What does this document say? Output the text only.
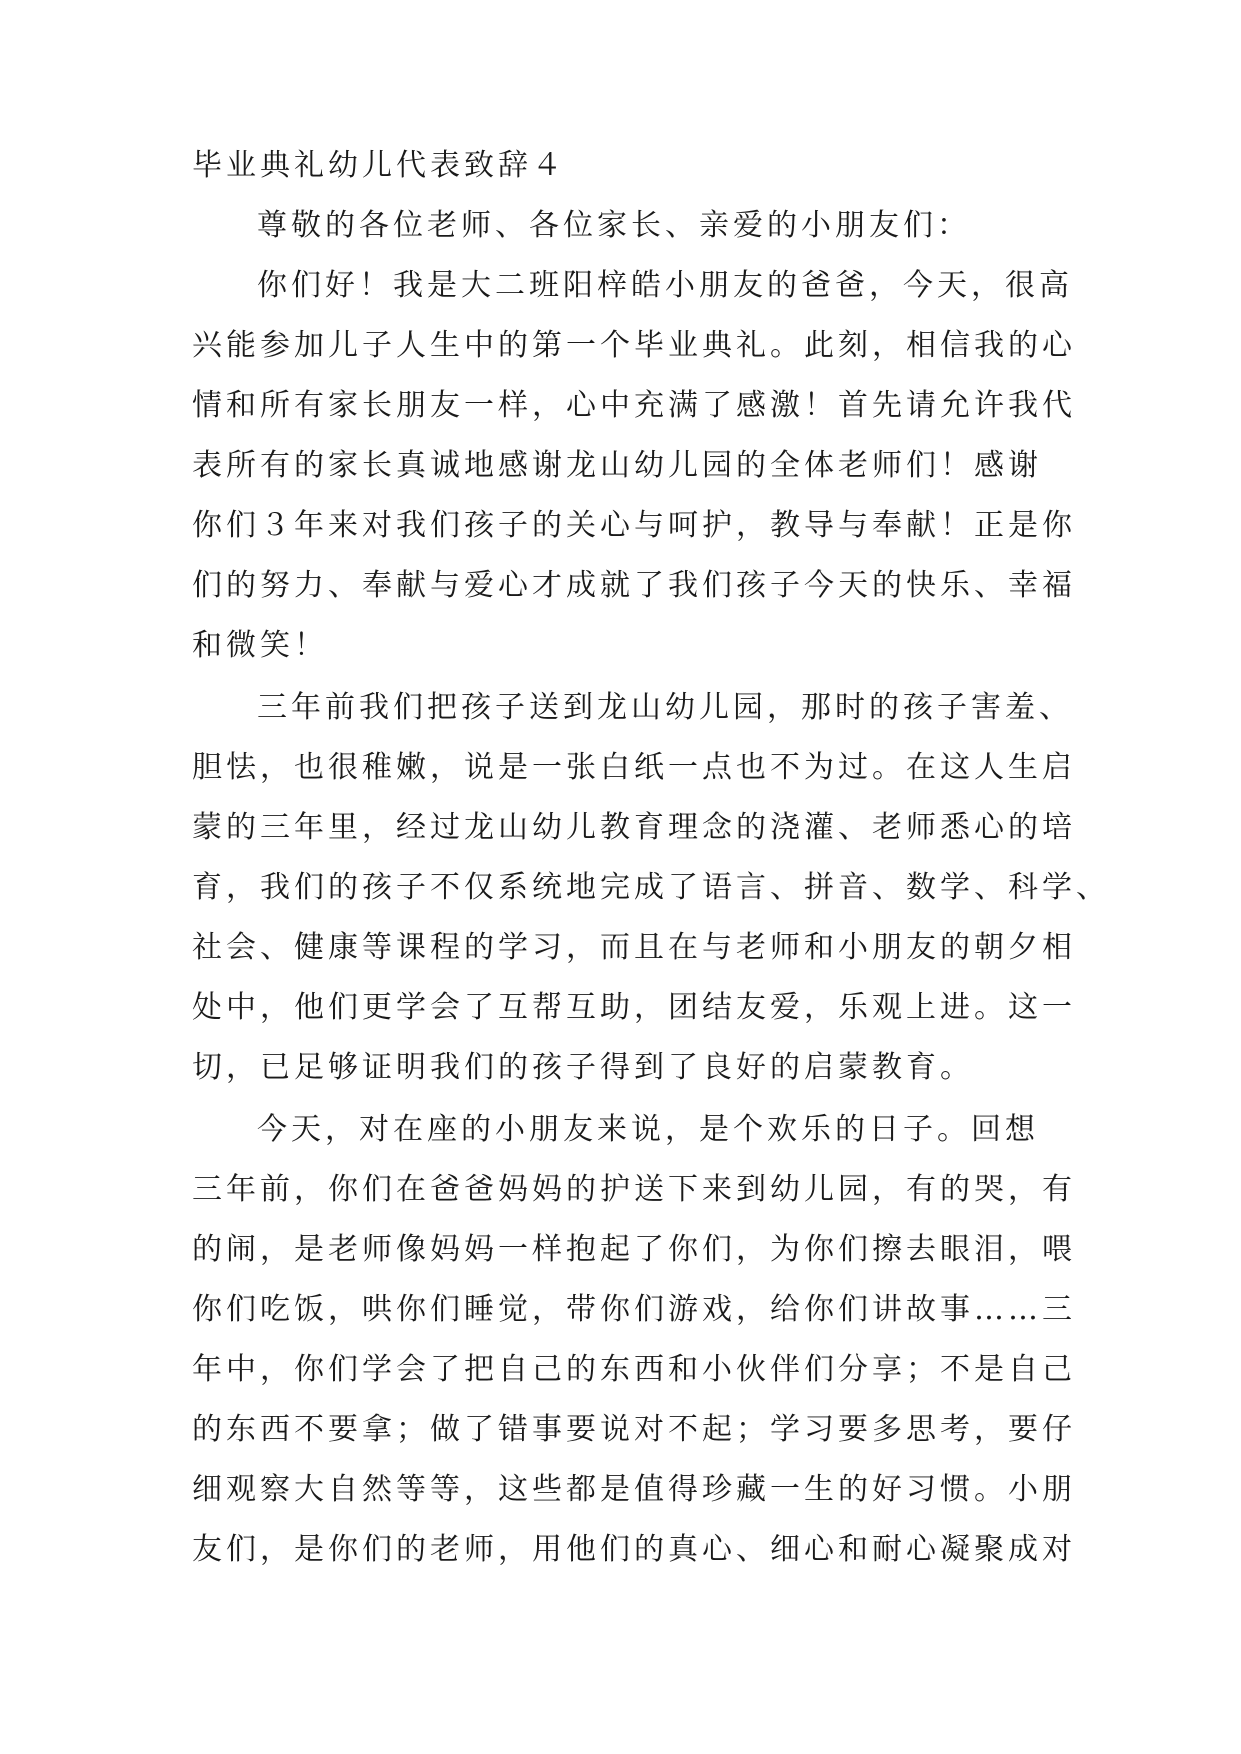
毕业典礼幼儿代表致辞４
尊敬的各位老师、各位家长、亲爱的小朋友们：
你们好！我是大二班阳梓皓小朋友的爸爸，今天，很高
兴能参加儿子人生中的第一个毕业典礼。此刻，相信我的心
情和所有家长朋友一样，心中充满了感激！首先请允许我代
表所有的家长真诚地感谢龙山幼儿园的全体老师们！感谢
你们３年来对我们孩子的关心与呵护，教导与奉献！正是你
们的努力、奉献与爱心才成就了我们孩子今天的快乐、幸福
和微笑！
三年前我们把孩子送到龙山幼儿园，那时的孩子害羞、
胆怯，也很稚嫩，说是一张白纸一点也不为过。在这人生启
蒙的三年里，经过龙山幼儿教育理念的浇灌、老师悉心的培
育，我们的孩子不仅系统地完成了语言、拼音、数学、科学、
社会、健康等课程的学习，而且在与老师和小朋友的朝夕相
处中，他们更学会了互帮互助，团结友爱，乐观上进。这一
切，已足够证明我们的孩子得到了良好的启蒙教育。
今天，对在座的小朋友来说，是个欢乐的日子。回想
三年前，你们在爸爸妈妈的护送下来到幼儿园，有的哭，有
的闹，是老师像妈妈一样抱起了你们，为你们擦去眼泪，喂
你们吃饭，哄你们睡觉，带你们游戏，给你们讲故事……三
年中，你们学会了把自己的东西和小伙伴们分享；不是自己
的东西不要拿；做了错事要说对不起；学习要多思考，要仔
细观察大自然等等，这些都是值得珍藏一生的好习惯。小朋
友们，是你们的老师，用他们的真心、细心和耐心凝聚成对
